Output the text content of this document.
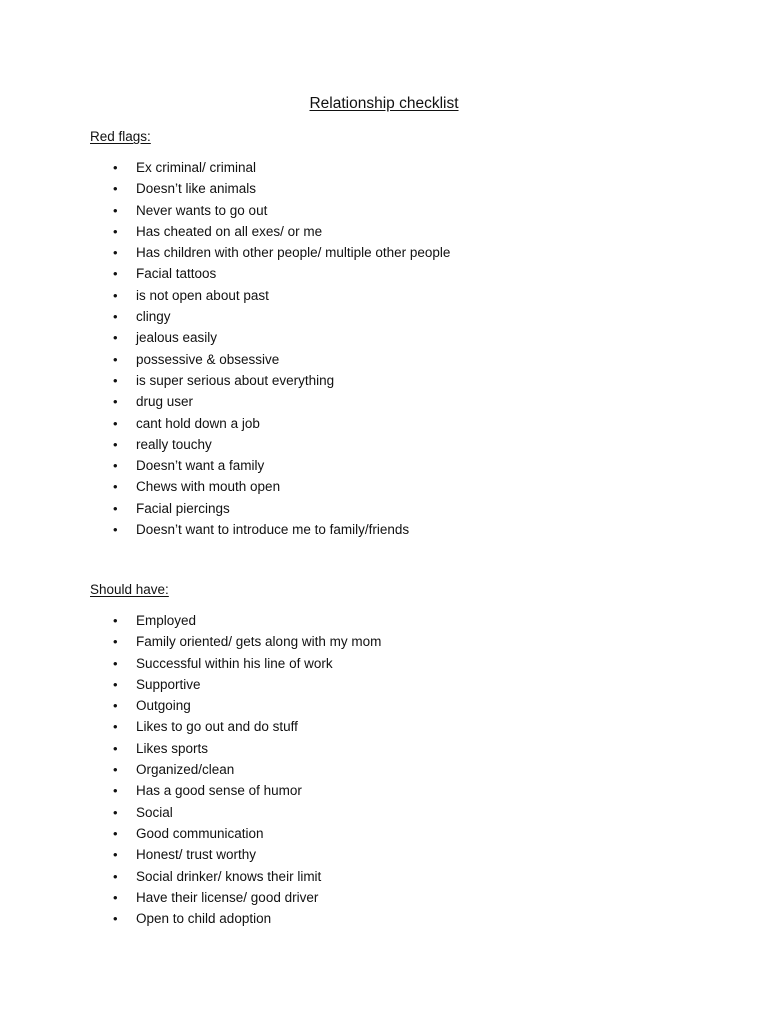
Relationship checklist
Red flags:
• Ex criminal/ criminal
• Doesn’t like animals
• Never wants to go out
• Has cheated on all exes/ or me
• Has children with other people/ multiple other people
• Facial tattoos
• is not open about past
• clingy
• jealous easily
• possessive & obsessive
• is super serious about everything
• drug user
• cant hold down a job
• really touchy
• Doesn’t want a family
• Chews with mouth open
• Facial piercings
• Doesn’t want to introduce me to family/friends
Should have:
• Employed
• Family oriented/ gets along with my mom
• Successful within his line of work
• Supportive
• Outgoing
• Likes to go out and do stuff
• Likes sports
• Organized/clean
• Has a good sense of humor
• Social
• Good communication
• Honest/ trust worthy
• Social drinker/ knows their limit
• Have their license/ good driver
• Open to child adoption
